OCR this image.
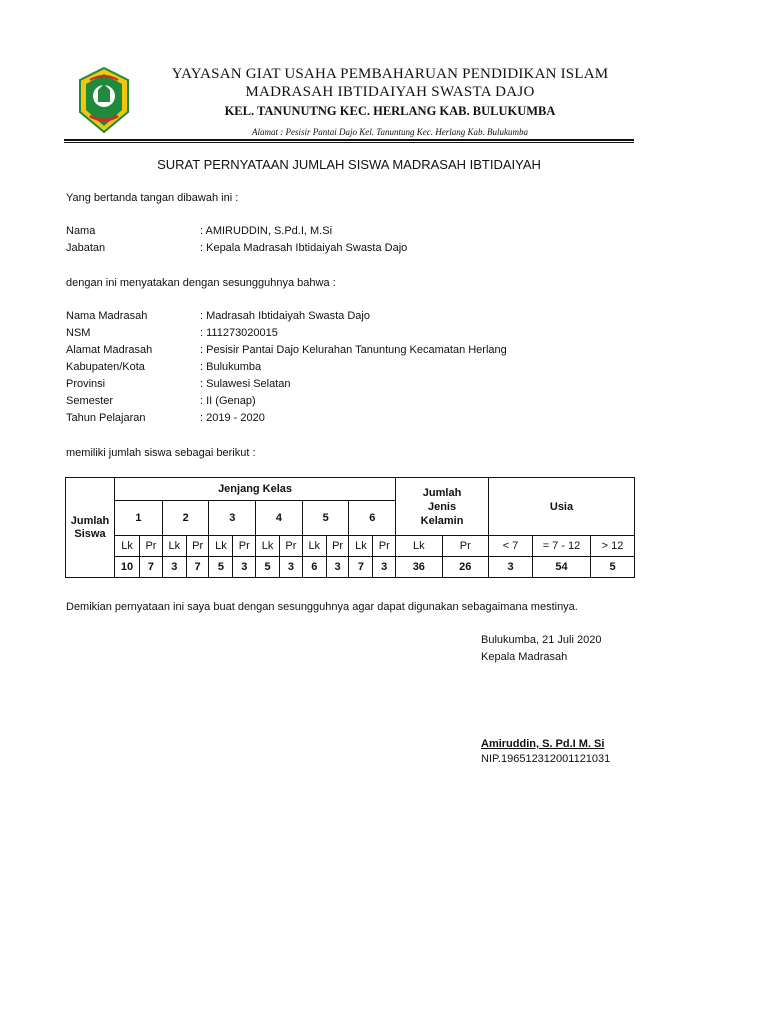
YAYASAN GIAT USAHA PEMBAHARUAN PENDIDIKAN ISLAM
MADRASAH IBTIDAIYAH SWASTA DAJO
KEL. TANUNUTNG KEC. HERLANG KAB. BULUKUMBA
Alamat : Pesisir Pantai Dajo Kel. Tanuntung Kec. Herlang Kab. Bulukumba
SURAT PERNYATAAN JUMLAH SISWA MADRASAH IBTIDAIYAH
Yang bertanda tangan dibawah ini :
Nama	: AMIRUDDIN, S.Pd.I, M.Si
Jabatan	: Kepala Madrasah Ibtidaiyah Swasta Dajo
dengan ini menyatakan dengan sesungguhnya bahwa :
Nama Madrasah	: Madrasah Ibtidaiyah Swasta Dajo
NSM	: 111273020015
Alamat Madrasah	: Pesisir Pantai Dajo Kelurahan Tanuntung Kecamatan Herlang
Kabupaten/Kota	: Bulukumba
Provinsi	: Sulawesi Selatan
Semester	: II (Genap)
Tahun Pelajaran	: 2019 - 2020
memiliki jumlah siswa sebagai berikut :
Jumlah Siswa	Jenjang Kelas												Jumlah Jenis Kelamin		Usia		
	1		2		3		4		5		6						
	Lk	Pr	Lk	Pr	Lk	Pr	Lk	Pr	Lk	Pr	Lk	Pr	Lk	Pr	< 7	= 7 - 12	> 12
	10	7	3	7	5	3	5	3	6	3	7	3	36	26	3	54	5
Demikian pernyataan ini saya buat dengan sesungguhnya agar dapat digunakan sebagaimana mestinya.
Bulukumba, 21 Juli 2020
Kepala Madrasah
Amiruddin, S. Pd.I M. Si
NIP.196512312001121031
